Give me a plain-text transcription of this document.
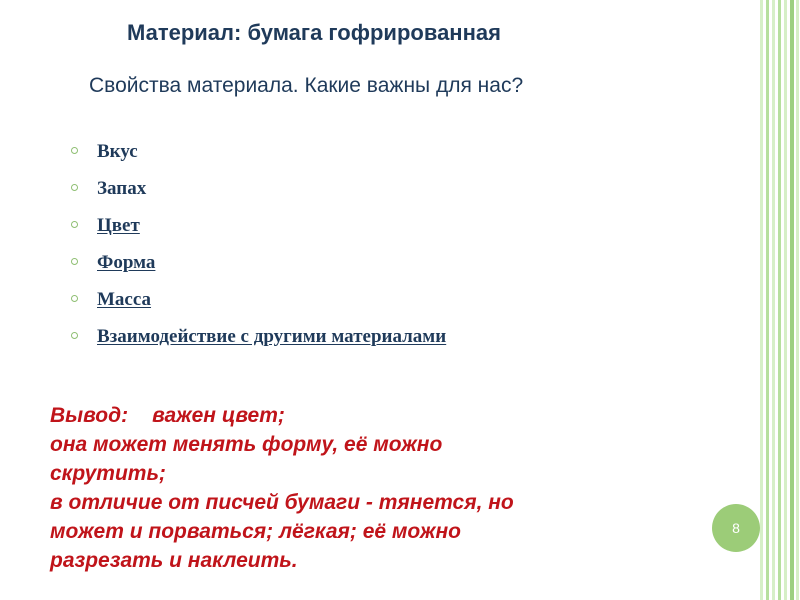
Материал: бумага гофрированная

Свойства материала. Какие важны для нас?

Вкус
Запах
Цвет
Форма
Масса
Взаимодействие с другими материалами
Вывод: важен цвет;
она может менять форму, её можно
скрутить;
в отличие от писчей бумаги - тянется, но
может и порваться; лёгкая; её можно
разрезать и наклеить.
8
